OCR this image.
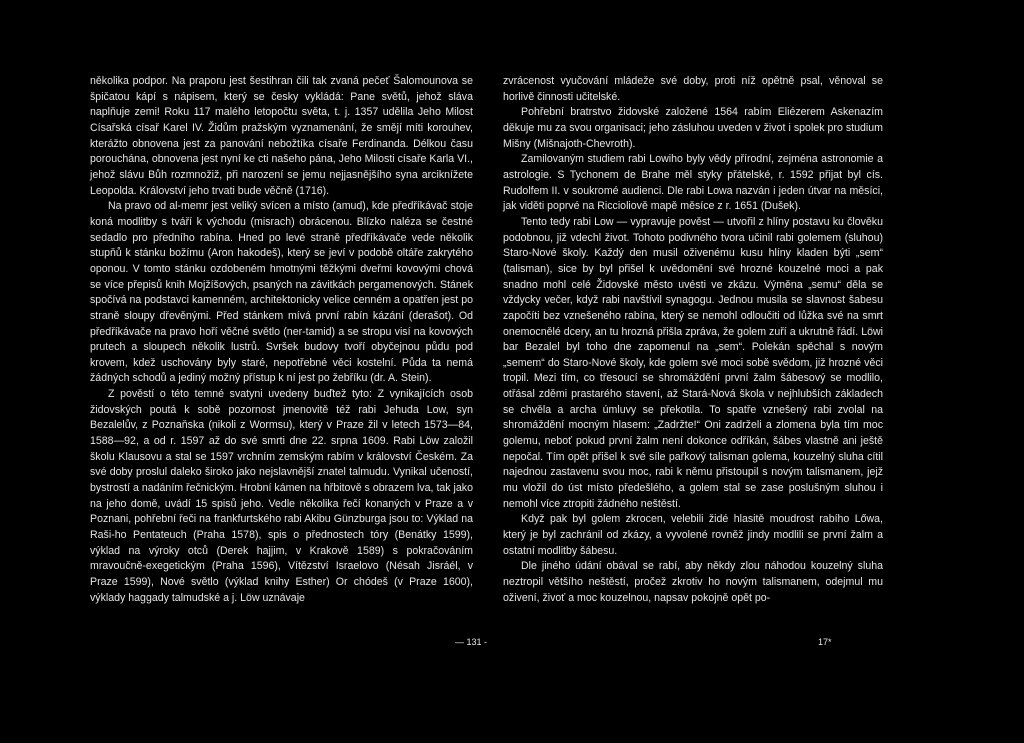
několika podpor. Na praporu jest šestihran čili tak zvaná pečeť Šalomounova se špičatou kápí s nápisem, který se česky vykládá: Pane světů, jehož sláva naplňuje zemi! Roku 117 malého letopočtu světa, t. j. 1357 udělila Jeho Milost Císařská císař Karel IV. Židům pražským vyznamenání, že smějí míti korouhev, kterážto obnovena jest za panování nebožtíka císaře Ferdinanda. Délkou času porouchána, obnovena jest nyní ke cti našeho pána, Jeho Milosti císaře Karla VI., jehož slávu Bůh rozmnožiž, při narození se jemu nejjasnějšího syna arciknížete Leopolda. Království jeho trvati bude věčně (1716).

Na pravo od al-memr jest veliký svícen a místo (amud), kde předříkávač stoje koná modlitby s tváří k východu (misrach) obrácenou. Blízko naléza se čestné sedadlo pro předního rabína. Hned po levé straně předříkávače vede několik stupňů k stánku božímu (Aron hakodeš), který se jeví v podobě oltáře zakrytého oponou. V tomto stánku ozdobeném hmotnými těžkými dveřmi kovovými chová se více přepisů knih Mojžíšových, psaných na závitkách pergamenových. Stánek spočívá na podstavci kamenném, architektonicky velice cenném a opatřen jest po straně sloupy dřevěnými. Před stánkem mívá první rabín kázání (derašot). Od předříkávače na pravo hoří věčné světlo (ner-tamid) a se stropu visí na kovových prutech a sloupech několik lustrů. Svršek budovy tvoří obyčejnou půdu pod krovem, kdež uschovány byly staré, nepotřebné věci kostelní. Půda ta nemá žádných schodů a jediný možný přístup k ní jest po žebříku (dr. A. Stein).

Z pověstí o této temné svatyni uvedeny buďtež tyto: Z vynikajících osob židovských poutá k sobě pozornost jmenovitě též rabi Jehuda Low, syn Bezalelův, z Poznaňska (nikoli z Wormsu), který v Praze žil v letech 1573—84, 1588—92, a od r. 1597 až do své smrti dne 22. srpna 1609. Rabi Löw založil školu Klausovu a stal se 1597 vrchním zemským rabím v království Českém. Za své doby proslul daleko široko jako nejslavnější znatel talmudu. Vynikal učeností, bystrostí a nadáním řečnickým. Hrobní kámen na hřbitově s obrazem lva, tak jako na jeho domě, uvádí 15 spisů jeho. Vedle několika řečí konaných v Praze a v Poznani, pohřební řeči na frankfurtského rabi Akibu Günzburga jsou to: Výklad na Raši-ho Pentateuch (Praha 1578), spis o přednostech tóry (Benátky 1599), výklad na výroky otců (Derek hajjim, v Krakově 1589) s pokračováním mravoučně-exegetickým (Praha 1596), Vítězství Israelovo (Nésah Jisráél, v Praze 1599), Nové světlo (výklad knihy Esther) Or chódeš (v Praze 1600), výklady haggady talmudské a j. Löw uznávaje

zvrácenost vyučování mládeže své doby, proti níž opětně psal, věnoval se horlivě činnosti učitelské.

Pohřební bratrstvo židovské založené 1564 rabím Eliézerem Askenazím děkuje mu za svou organisaci; jeho zásluhou uveden v život i spolek pro studium Mišny (Mišnajoth-Chevroth).

Zamilovaným studiem rabi Lowiho byly vědy přírodní, zejména astronomie a astrologie. S Tychonem de Brahe měl styky přátelské, r. 1592 přijat byl cís. Rudolfem II. v soukromé audienci. Dle rabi Lowa nazván i jeden útvar na měsíci, jak viděti poprvé na Riccioliově mapě měsíce z r. 1651 (Dušek).

Tento tedy rabi Low — vypravuje pověst — utvořil z hlíny postavu ku člověku podobnou, již vdechl život. Tohoto podivného tvora učinil rabi golemem (sluhou) Staro-Nové školy. Každý den musil oživenému kusu hlíny kladen býti „sem“ (talisman), sice by byl přišel k uvědomění své hrozné kouzelné moci a pak snadno mohl celé Židovské město uvésti ve zkázu. Výměna „semu“ děla se vždycky večer, když rabi navštívil synagogu. Jednou musila se slavnost šabesu započíti bez vznešeného rabína, který se nemohl odloučiti od lůžka své na smrt onemocnělé dcery, an tu hrozná přišla zpráva, že golem zuří a ukrutně řádí. Löwi bar Bezalel byl toho dne zapomenul na „sem“. Polekán spěchal s novým „semem“ do Staro-Nové školy, kde golem své moci sobě svědom, již hrozné věci tropil. Mezi tím, co třesoucí se shromáždění první žalm šábesový se modlilo, otřásal zděmi prastarého stavení, až Stará-Nová škola v nejhlubších základech se chvěla a archa úmluvy se překotila. To spatře vznešený rabi zvolal na shromáždění mocným hlasem: „Zadržte!“ Oni zadrželi a zlomena byla tím moc golemu, neboť pokud první žalm není dokonce odříkán, šábes vlastně ani ještě nepočal. Tím opět přišel k své síle pařkový talisman golema, kouzelný sluha cítil najednou zastavenu svou moc, rabi k němu přistoupil s novým talismanem, jejž mu vložil do úst místo předešlého, a golem stal se zase poslušným sluhou i nemohl více ztropiti žádného neštěstí.

Když pak byl golem zkrocen, velebili židé hlasitě moudrost rabího Lőwa, který je byl zachránil od zkázy, a vyvolené rovněž jindy modlili se první žalm a ostatní modlitby šábesu.

Dle jiného údání obával se rabí, aby někdy zlou náhodou kouzelný sluha neztropil většího neštěstí, pročež zkrotiv ho novým talismanem, odejmul mu oživení, živoť a moc kouzelnou, napsav pokojně opět po-

— 131 -	17*
